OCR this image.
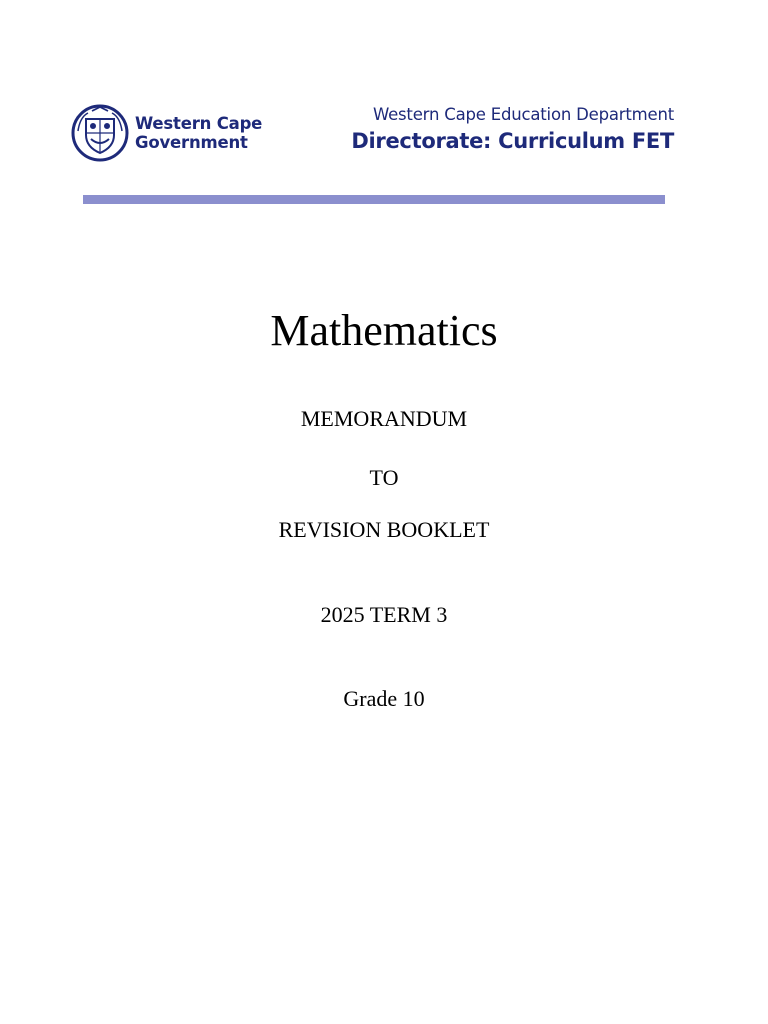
Western Cape
Government
Western Cape Education Department
Directorate: Curriculum FET
Mathematics
MEMORANDUM
TO
REVISION BOOKLET
2025 TERM 3
Grade 10
